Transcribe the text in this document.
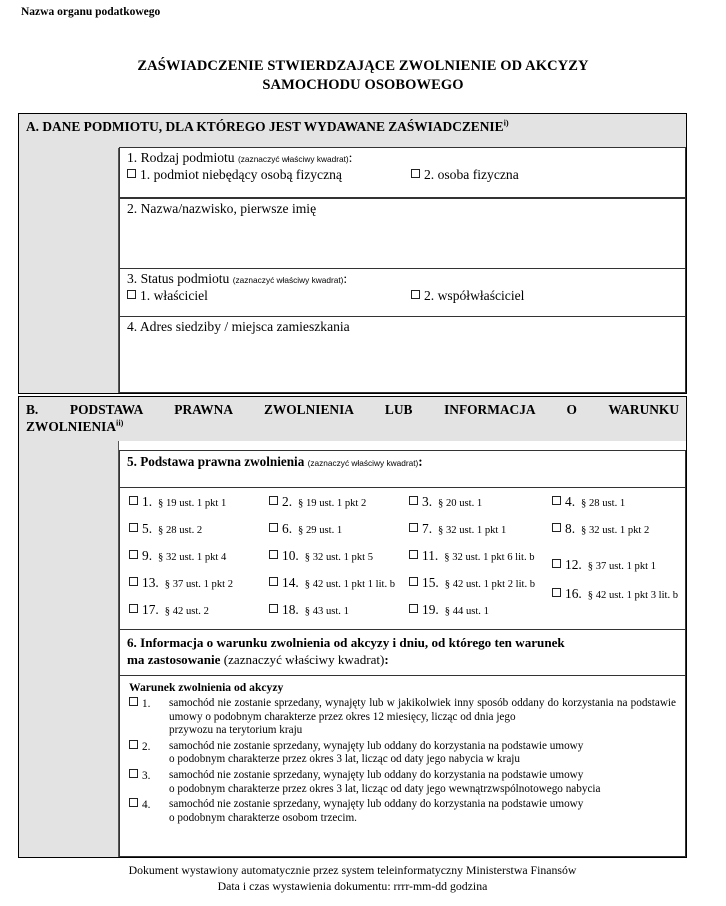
Nazwa organu podatkowego
ZAŚWIADCZENIE STWIERDZAJĄCE ZWOLNIENIE OD AKCYZY
SAMOCHODU OSOBOWEGO
A. DANE PODMIOTU, DLA KTÓREGO JEST WYDAWANE ZAŚWIADCZENIE$^{i)}$
1. Rodzaj podmiotu (zaznaczyć właściwy kwadrat):
1. podmiot niebędący osobą fizyczną	2. osoba fizyczna
2. Nazwa/nazwisko, pierwsze imię
3. Status podmiotu (zaznaczyć właściwy kwadrat):
1. właściciel	2. współwłaściciel
4. Adres siedziby / miejsca zamieszkania
B. PODSTAWA PRAWNA ZWOLNIENIA LUB INFORMACJA O WARUNKU
ZWOLNIENIA$^{ii)}$
5. Podstawa prawna zwolnienia (zaznaczyć właściwy kwadrat):
1. § 19 ust. 1 pkt 1	2. § 19 ust. 1 pkt 2	3. § 20 ust. 1	4. § 28 ust. 1
5. § 28 ust. 2	6. § 29 ust. 1	7. § 32 ust. 1 pkt 1	8. § 32 ust. 1 pkt 2
9. § 32 ust. 1 pkt 4	10. § 32 ust. 1 pkt 5	11. § 32 ust. 1 pkt 6 lit. b	12. § 37 ust. 1 pkt 1
13. § 37 ust. 1 pkt 2	14. § 42 ust. 1 pkt 1 lit. b	15. § 42 ust. 1 pkt 2 lit. b
16. § 42 ust. 1 pkt 3 lit. b
17. § 42 ust. 2	18. § 43 ust. 1	19. § 44 ust. 1
6. Informacja o warunku zwolnienia od akcyzy i dniu, od którego ten warunek
ma zastosowanie (zaznaczyć właściwy kwadrat):
Warunek zwolnienia od akcyzy
1. samochód nie zostanie sprzedany, wynajęty lub w jakikolwiek inny sposób oddany do korzystania na podstawie umowy o podobnym charakterze przez okres 12 miesięcy, licząc od dnia jego
przywozu na terytorium kraju
2. samochód nie zostanie sprzedany, wynajęty lub oddany do korzystania na podstawie umowy
o podobnym charakterze przez okres 3 lat, licząc od daty jego nabycia w kraju
3. samochód nie zostanie sprzedany, wynajęty lub oddany do korzystania na podstawie umowy
o podobnym charakterze przez okres 3 lat, licząc od daty jego wewnątrzwspólnotowego nabycia
4. samochód nie zostanie sprzedany, wynajęty lub oddany do korzystania na podstawie umowy
o podobnym charakterze osobom trzecim.
Dokument wystawiony automatycznie przez system teleinformatyczny Ministerstwa Finansów
Data i czas wystawienia dokumentu: rrrr-mm-dd godzina
